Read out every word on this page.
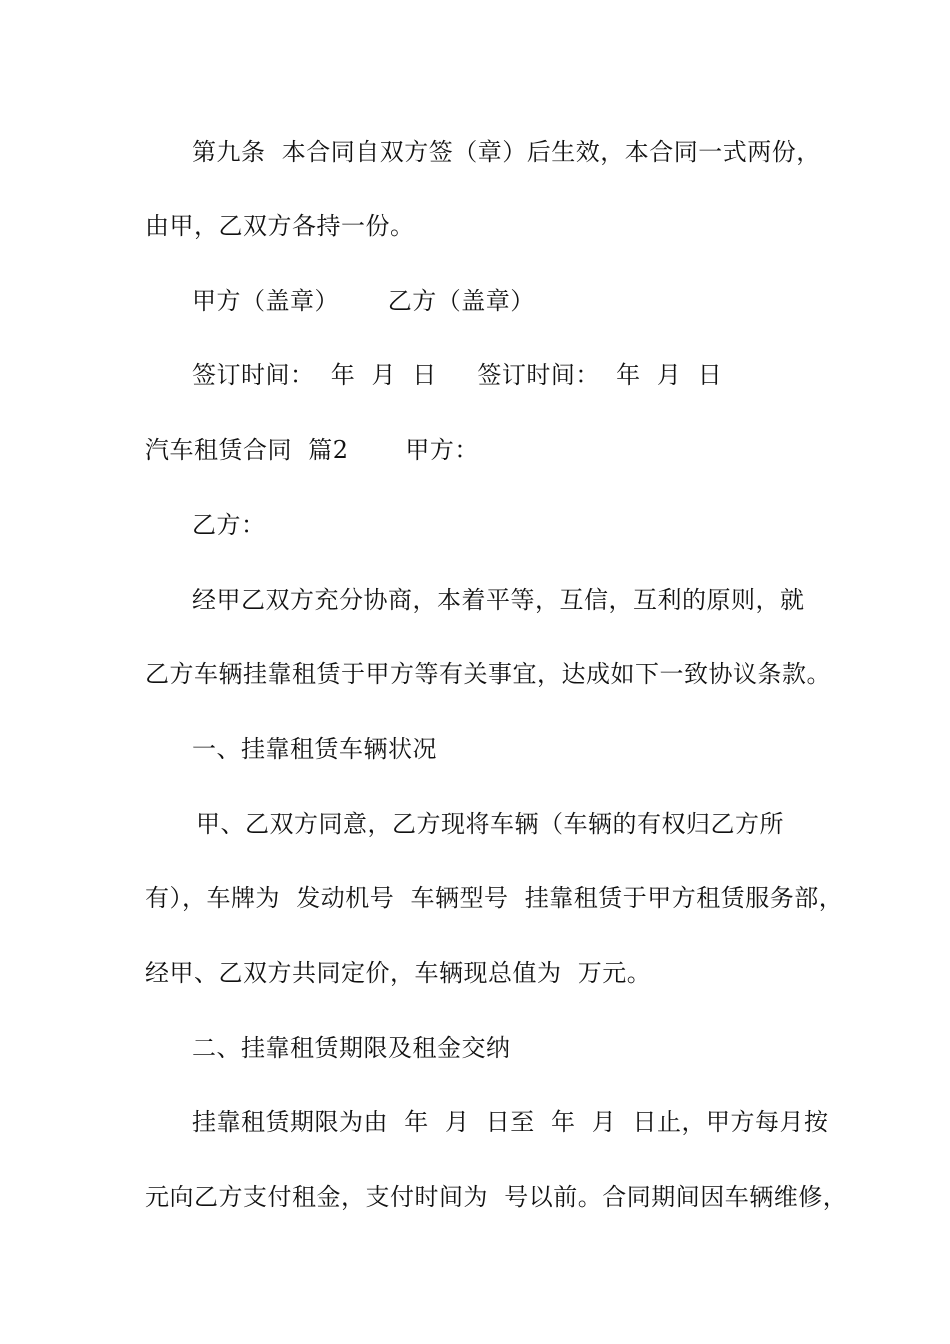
第九条  本合同自双方签（章）后生效，本合同一式两份，
由甲，乙双方各持一份。
甲方（盖章）      乙方（盖章）
签订时间：  年  月  日     签订时间：  年  月  日
汽车租赁合同  篇2       甲方：
乙方：
经甲乙双方充分协商，本着平等，互信，互利的原则，就
乙方车辆挂靠租赁于甲方等有关事宜，达成如下一致协议条款。
一、挂靠租赁车辆状况
甲、乙双方同意，乙方现将车辆（车辆的有权归乙方所
有），车牌为  发动机号  车辆型号  挂靠租赁于甲方租赁服务部，
经甲、乙双方共同定价，车辆现总值为  万元。
二、挂靠租赁期限及租金交纳
挂靠租赁期限为由  年  月  日至  年  月  日止，甲方每月按
元向乙方支付租金，支付时间为  号以前。合同期间因车辆维修，
